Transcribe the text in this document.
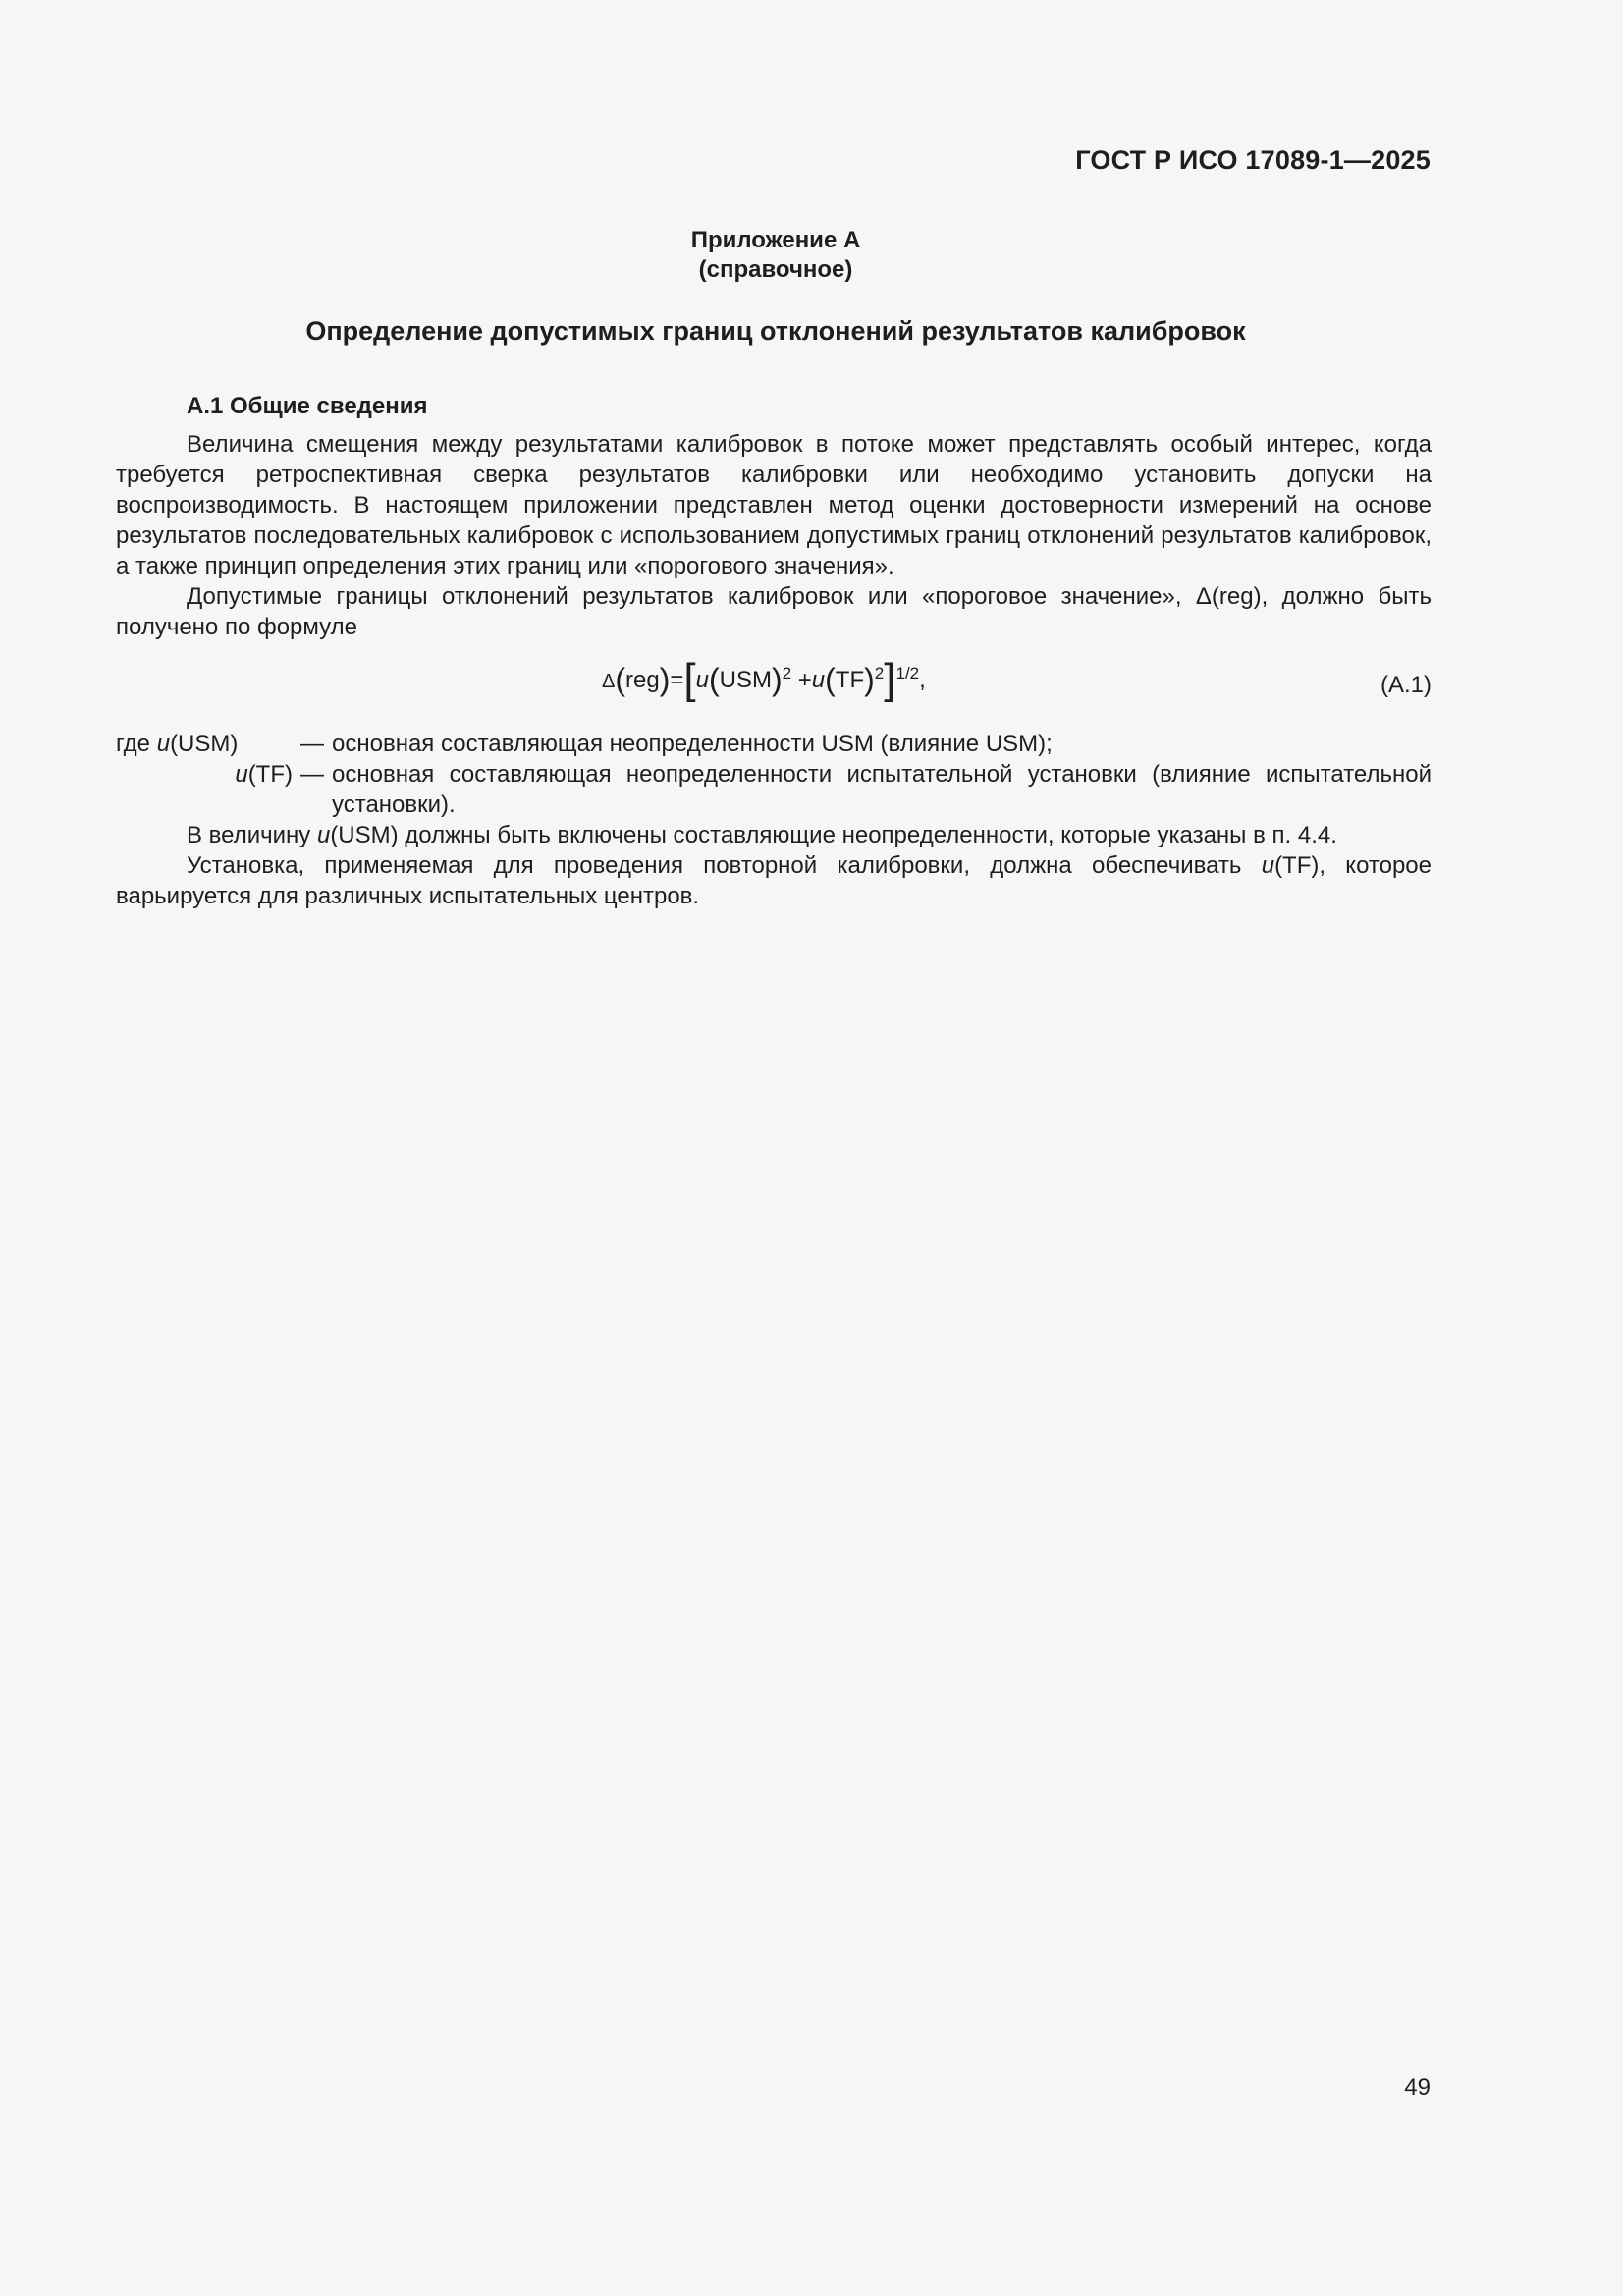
ГОСТ Р ИСО 17089-1—2025
Приложение А
(справочное)
Определение допустимых границ отклонений результатов калибровок

А.1 Общие сведения

Величина смещения между результатами калибровок в потоке может представлять особый интерес, когда требуется ретроспективная сверка результатов калибровки или необходимо установить допуски на воспроизводимость. В настоящем приложении представлен метод оценки достоверности измерений на основе результатов последовательных калибровок с использованием допустимых границ отклонений результатов калибровок, а также принцип определения этих границ или «порогового значения».

Допустимые границы отклонений результатов калибровок или «пороговое значение», Δ(reg), должно быть получено по формуле

$\Delta(reg)=[u(USM)^2 +u(TF)^2]^{1/2}$,	(А.1)
где u(USM)	— основная составляющая неопределенности USM (влияние USM);
u(TF) — основная составляющая неопределенности испытательной установки (влияние испытательной установки).

В величину u(USM) должны быть включены составляющие неопределенности, которые указаны в п. 4.4.

Установка, применяемая для проведения повторной калибровки, должна обеспечивать u(TF), которое варьируется для различных испытательных центров.

49
